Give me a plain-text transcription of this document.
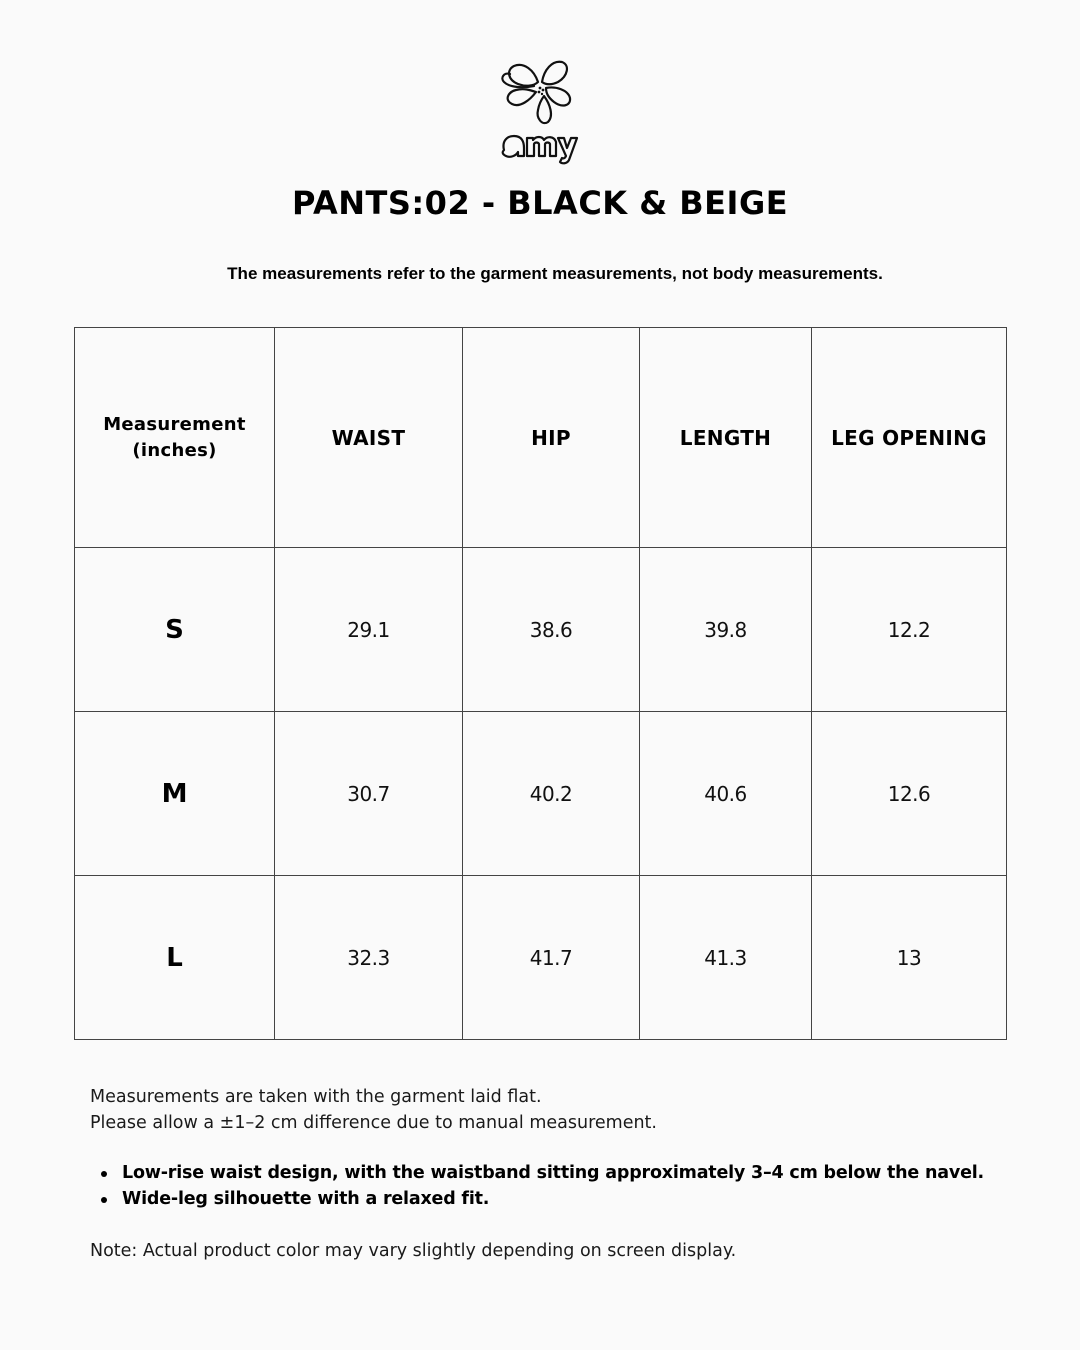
PANTS:02 - BLACK & BEIGE
The measurements refer to the garment measurements, not body measurements.
Measurement
(inches)	WAIST	HIP	LENGTH	LEG OPENING
S	29.1	38.6	39.8	12.2
M	30.7	40.2	40.6	12.6
L	32.3	41.7	41.3	13

Measurements are taken with the garment laid flat.

Please allow a ±1–2 cm difference due to manual measurement.

Low-rise waist design, with the waistband sitting approximately 3–4 cm below the navel.
Wide-leg silhouette with a relaxed fit.

Note: Actual product color may vary slightly depending on screen display.
